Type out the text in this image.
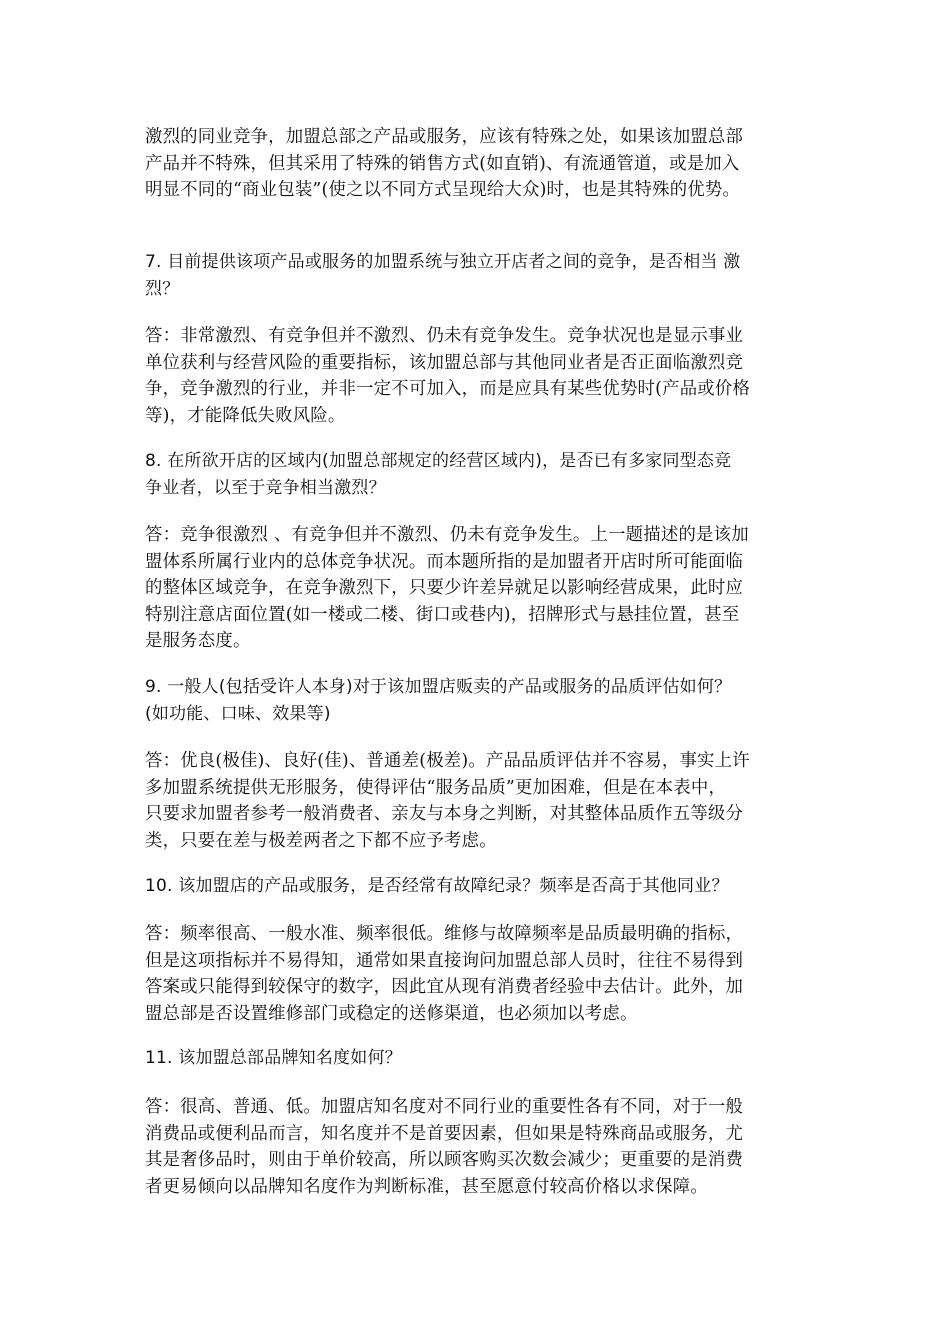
激烈的同业竞争，加盟总部之产品或服务，应该有特殊之处，如果该加盟总部
产品并不特殊，但其采用了特殊的销售方式(如直销)、有流通管道，或是加入
明显不同的“商业包装”(使之以不同方式呈现给大众)时，也是其特殊的优势。
7. 目前提供该项产品或服务的加盟系统与独立开店者之间的竞争，是否相当 激
烈？
答：非常激烈、有竞争但并不激烈、仍未有竞争发生。竞争状况也是显示事业
单位获利与经营风险的重要指标，该加盟总部与其他同业者是否正面临激烈竞
争，竞争激烈的行业，并非一定不可加入，而是应具有某些优势时(产品或价格
等)，才能降低失败风险。
8. 在所欲开店的区域内(加盟总部规定的经营区域内)，是否已有多家同型态竞
争业者，以至于竞争相当激烈？
答：竞争很激烈 、有竞争但并不激烈、仍未有竞争发生。上一题描述的是该加
盟体系所属行业内的总体竞争状况。而本题所指的是加盟者开店时所可能面临
的整体区域竞争，在竞争激烈下，只要少许差异就足以影响经营成果，此时应
特别注意店面位置(如一楼或二楼、街口或巷内)，招牌形式与悬挂位置，甚至
是服务态度。
9. 一般人(包括受许人本身)对于该加盟店贩卖的产品或服务的品质评估如何？
(如功能、口味、效果等)
答：优良(极佳)、良好(佳)、普通差(极差)。产品品质评估并不容易，事实上许
多加盟系统提供无形服务，使得评估“服务品质”更加困难，但是在本表中，
只要求加盟者参考一般消费者、亲友与本身之判断，对其整体品质作五等级分
类，只要在差与极差两者之下都不应予考虑。
10. 该加盟店的产品或服务，是否经常有故障纪录？频率是否高于其他同业？
答：频率很高、一般水准、频率很低。维修与故障频率是品质最明确的指标，
但是这项指标并不易得知，通常如果直接询问加盟总部人员时，往往不易得到
答案或只能得到较保守的数字，因此宜从现有消费者经验中去估计。此外，加
盟总部是否设置维修部门或稳定的送修渠道，也必须加以考虑。
11. 该加盟总部品牌知名度如何？
答：很高、普通、低。加盟店知名度对不同行业的重要性各有不同，对于一般
消费品或便利品而言，知名度并不是首要因素，但如果是特殊商品或服务，尤
其是奢侈品时，则由于单价较高，所以顾客购买次数会减少；更重要的是消费
者更易倾向以品牌知名度作为判断标准，甚至愿意付较高价格以求保障。
